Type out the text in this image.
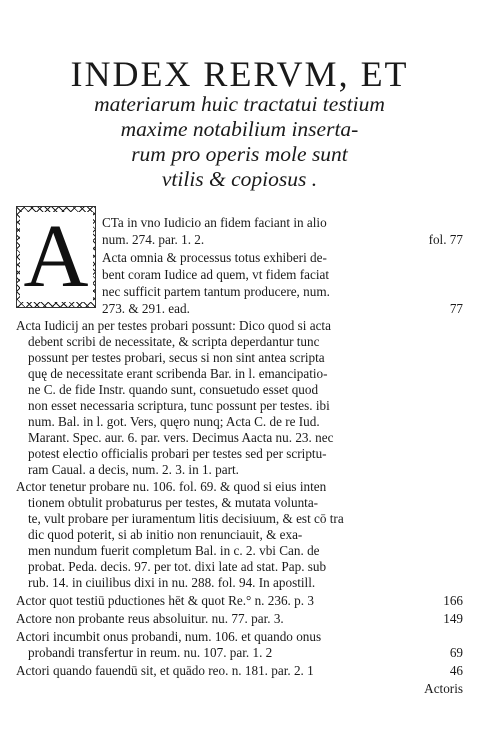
INDEX RERVM, ET
materiarum huic tractatui testium
maxime notabilium inserta-
rum pro operis mole sunt
vtilis & copiosus .
A	CTa in vno Iudicio an fidem faciant in alio
num. 274. par. 1. 2.	fol. 77
Acta omnia & processus totus exhiberi de-
bent coram Iudice ad quem, vt fidem faciat
nec sufficit partem tantum producere, num.
273. & 291. ead.	77
Acta Iudicij an per testes probari possunt: Dico quod si acta
debent scribi de necessitate, & scripta deperdantur tunc
possunt per testes probari, secus si non sint antea scripta
quę de necessitate erant scribenda Bar. in l. emancipatio-
ne C. de fide Instr. quando sunt, consuetudo esset quod
non esset necessaria scriptura, tunc possunt per testes. ibi
num. Bal. in l. got. Vers, quęro nunq; Acta C. de re Iud.
Marant. Spec. aur. 6. par. vers. Decimus Aacta nu. 23. nec
potest electio officialis probari per testes sed per scriptu-
ram Caual. a decis, num. 2. 3. in 1. part.
Actor tenetur probare nu. 106. fol. 69. & quod si eius inten
tionem obtulit probaturus per testes, & mutata volunta-
te, vult probare per iuramentum litis decisiuum, & est cō tra
dic quod poterit, si ab initio non renunciauit, & exa-
men nundum fuerit completum Bal. in c. 2. vbi Can. de
probat. Peda. decis. 97. per tot. dixi late ad stat. Pap. sub
rub. 14. in ciuilibus dixi in nu. 288. fol. 94. In apostill.
Actor quot testiū pductiones hēt & quot Re.° n. 236. p. 3	166
Actore non probante reus absoluitur. nu. 77. par. 3.	149
Actori incumbit onus probandi, num. 106. et quando onus
probandi transfertur in reum. nu. 107. par. 1. 2	69
Actori quando fauendū sit, et quādo reo. n. 181. par. 2. 1	46
Actoris
